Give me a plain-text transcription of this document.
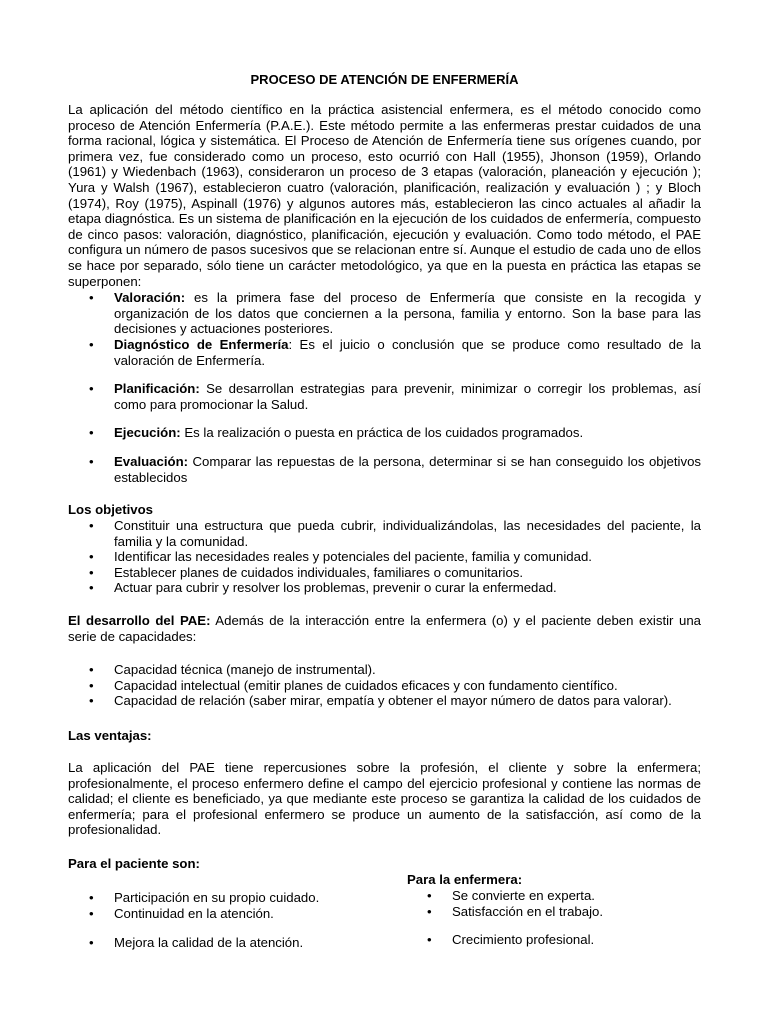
PROCESO DE ATENCIÓN DE ENFERMERÍA
La aplicación del método científico en la práctica asistencial enfermera, es el método conocido como proceso de Atención Enfermería (P.A.E.). Este método permite a las enfermeras prestar cuidados de una forma racional, lógica y sistemática. El Proceso de Atención de Enfermería tiene sus orígenes cuando, por primera vez, fue considerado como un proceso, esto ocurrió con Hall (1955), Jhonson (1959), Orlando (1961) y Wiedenbach (1963), consideraron un proceso de 3 etapas (valoración, planeación y ejecución ); Yura y Walsh (1967), establecieron cuatro (valoración, planificación, realización y evaluación ) ; y Bloch (1974), Roy (1975), Aspinall (1976) y algunos autores más, establecieron las cinco actuales al añadir la etapa diagnóstica. Es un sistema de planificación en la ejecución de los cuidados de enfermería, compuesto de cinco pasos: valoración, diagnóstico, planificación, ejecución y evaluación. Como todo método, el PAE configura un número de pasos sucesivos que se relacionan entre sí. Aunque el estudio de cada uno de ellos se hace por separado, sólo tiene un carácter metodológico, ya que en la puesta en práctica las etapas se superponen:
• Valoración: es la primera fase del proceso de Enfermería que consiste en la recogida y organización de los datos que conciernen a la persona, familia y entorno. Son la base para las decisiones y actuaciones posteriores.
• Diagnóstico de Enfermería: Es el juicio o conclusión que se produce como resultado de la valoración de Enfermería.
• Planificación: Se desarrollan estrategias para prevenir, minimizar o corregir los problemas, así como para promocionar la Salud.
• Ejecución: Es la realización o puesta en práctica de los cuidados programados.
• Evaluación: Comparar las repuestas de la persona, determinar si se han conseguido los objetivos establecidos
Los objetivos
• Constituir una estructura que pueda cubrir, individualizándolas, las necesidades del paciente, la familia y la comunidad.
• Identificar las necesidades reales y potenciales del paciente, familia y comunidad.
• Establecer planes de cuidados individuales, familiares o comunitarios.
• Actuar para cubrir y resolver los problemas, prevenir o curar la enfermedad.
El desarrollo del PAE: Además de la interacción entre la enfermera (o) y el paciente deben existir una serie de capacidades:
• Capacidad técnica (manejo de instrumental).
• Capacidad intelectual (emitir planes de cuidados eficaces y con fundamento científico.
• Capacidad de relación (saber mirar, empatía y obtener el mayor número de datos para valorar).
Las ventajas:
La aplicación del PAE tiene repercusiones sobre la profesión, el cliente y sobre la enfermera; profesionalmente, el proceso enfermero define el campo del ejercicio profesional y contiene las normas de calidad; el cliente es beneficiado, ya que mediante este proceso se garantiza la calidad de los cuidados de enfermería; para el profesional enfermero se produce un aumento de la satisfacción, así como de la profesionalidad.
Para el paciente son:
• Participación en su propio cuidado.
• Continuidad en la atención.
• Mejora la calidad de la atención.
Para la enfermera:
• Se convierte en experta.
• Satisfacción en el trabajo.
• Crecimiento profesional.
